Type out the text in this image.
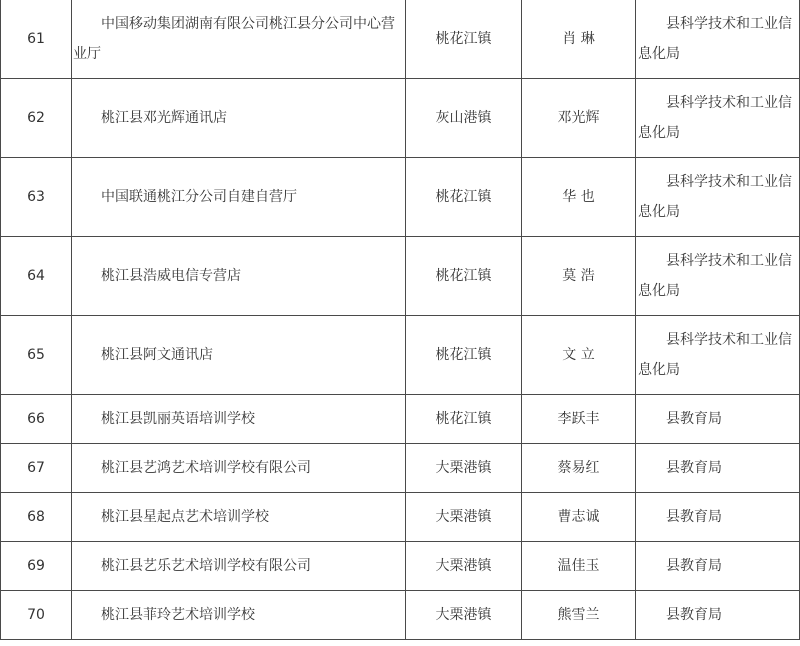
61	中国移动集团湖南有限公司桃江县分公司中心营业厅	桃花江镇	肖 琳	县科学技术和工业信息化局
62	桃江县邓光辉通讯店	灰山港镇	邓光辉	县科学技术和工业信息化局
63	中国联通桃江分公司自建自营厅	桃花江镇	华 也	县科学技术和工业信息化局
64	桃江县浩威电信专营店	桃花江镇	莫 浩	县科学技术和工业信息化局
65	桃江县阿文通讯店	桃花江镇	文 立	县科学技术和工业信息化局
66	桃江县凯丽英语培训学校	桃花江镇	李跃丰	县教育局
67	桃江县艺鸿艺术培训学校有限公司	大栗港镇	蔡易红	县教育局
68	桃江县星起点艺术培训学校	大栗港镇	曹志诚	县教育局
69	桃江县艺乐艺术培训学校有限公司	大栗港镇	温佳玉	县教育局
70	桃江县菲玲艺术培训学校	大栗港镇	熊雪兰	县教育局
